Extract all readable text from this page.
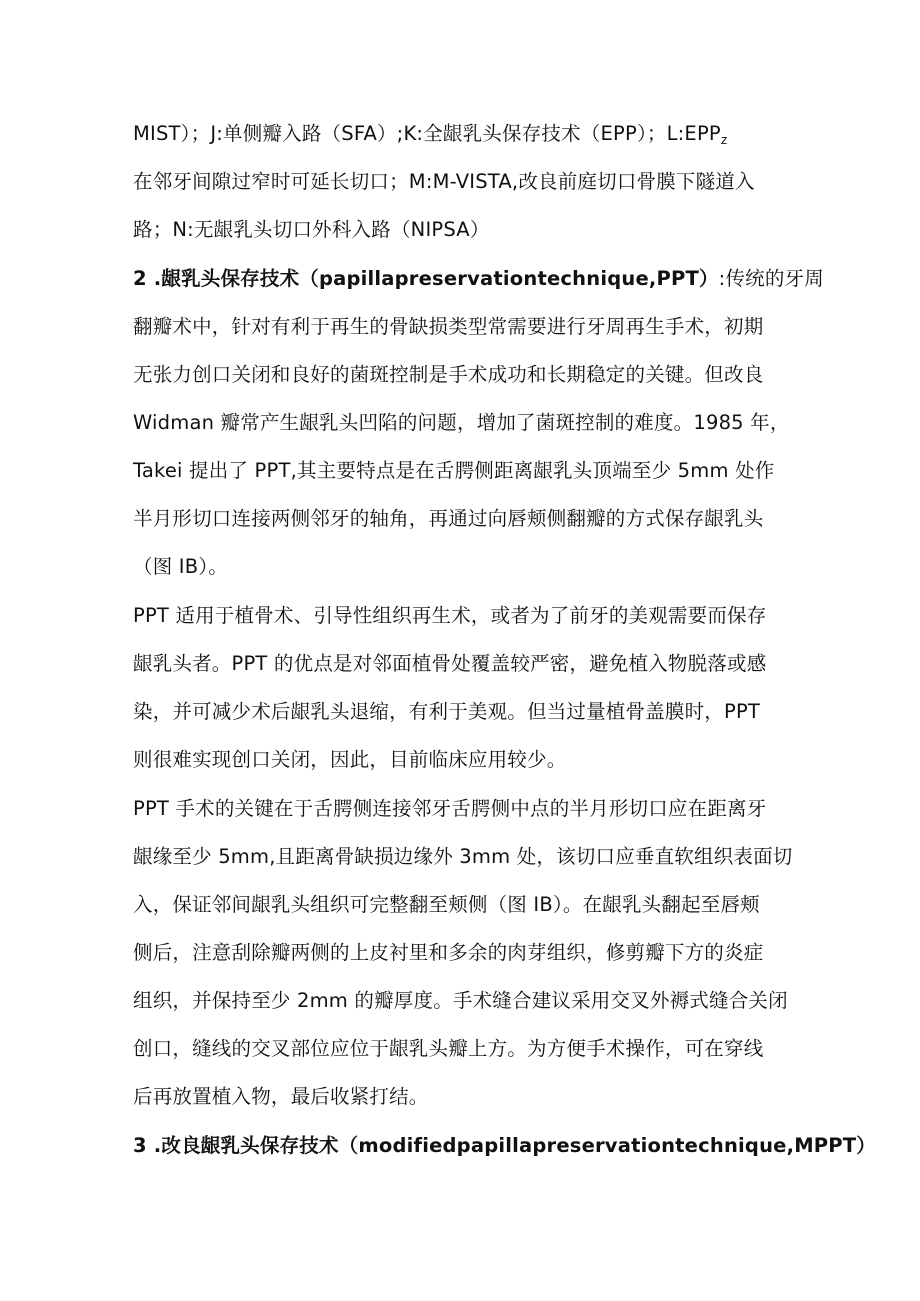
MIST）；J:单侧瓣入路（SFA）;K:全龈乳头保存技术（EPP）；$L:EPP_z$
在邻牙间隙过窄时可延长切口；M:M-VISTA,改良前庭切口骨膜下隧道入
路；N:无龈乳头切口外科入路（NIPSA）
2 .龈乳头保存技术（papillapreservationtechnique,PPT）:传统的牙周
翻瓣术中，针对有利于再生的骨缺损类型常需要进行牙周再生手术，初期
无张力创口关闭和良好的菌斑控制是手术成功和长期稳定的关键。但改良
Widman 瓣常产生龈乳头凹陷的问题，增加了菌斑控制的难度。1985 年，
Takei 提出了 PPT,其主要特点是在舌腭侧距离龈乳头顶端至少 5mm 处作
半月形切口连接两侧邻牙的轴角，再通过向唇颊侧翻瓣的方式保存龈乳头
（图 IB）。
PPT 适用于植骨术、引导性组织再生术，或者为了前牙的美观需要而保存
龈乳头者。PPT 的优点是对邻面植骨处覆盖较严密，避免植入物脱落或感
染，并可减少术后龈乳头退缩，有利于美观。但当过量植骨盖膜时，PPT
则很难实现创口关闭，因此，目前临床应用较少。
PPT 手术的关键在于舌腭侧连接邻牙舌腭侧中点的半月形切口应在距离牙
龈缘至少 5mm,且距离骨缺损边缘外 3mm 处，该切口应垂直软组织表面切
入，保证邻间龈乳头组织可完整翻至颊侧（图 IB）。在龈乳头翻起至唇颊
侧后，注意刮除瓣两侧的上皮衬里和多余的肉芽组织，修剪瓣下方的炎症
组织，并保持至少 2mm 的瓣厚度。手术缝合建议采用交叉外褥式缝合关闭
创口，缝线的交叉部位应位于龈乳头瓣上方。为方便手术操作，可在穿线
后再放置植入物，最后收紧打结。
3 .改良龈乳头保存技术（modifiedpapillapreservationtechnique,MPPT）
